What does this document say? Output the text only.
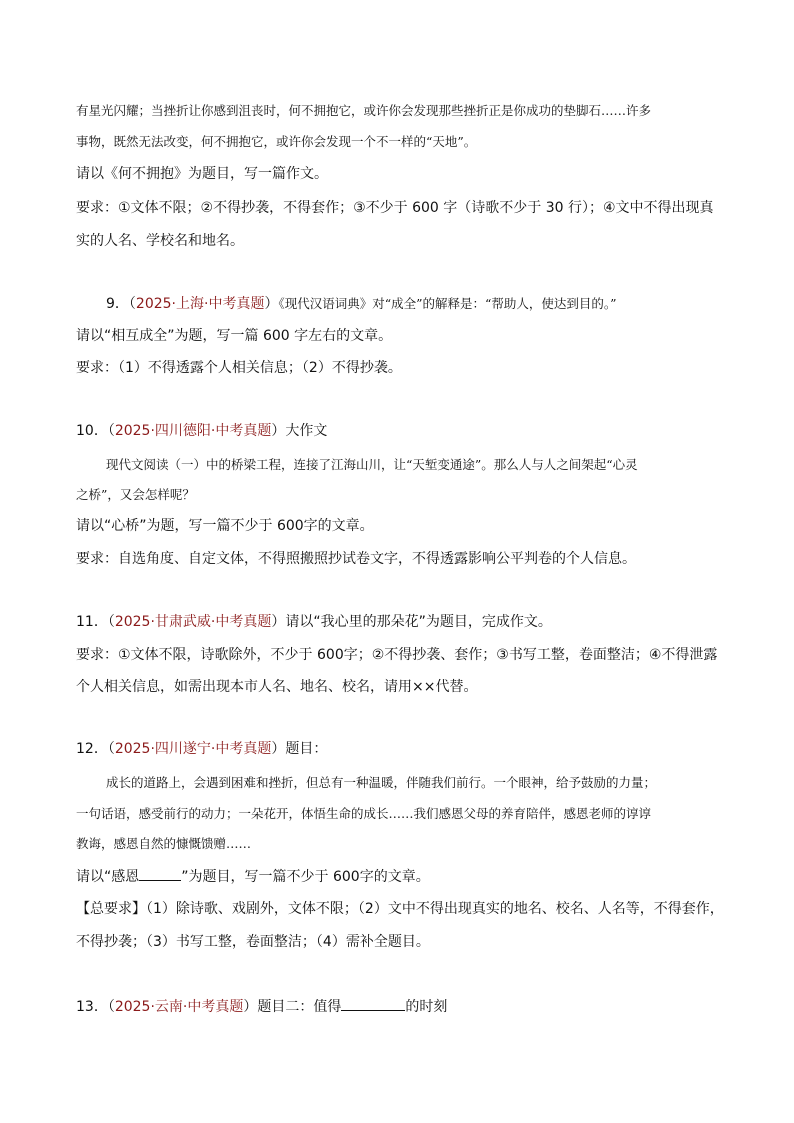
有星光闪耀；当挫折让你感到沮丧时，何不拥抱它，或许你会发现那些挫折正是你成功的垫脚石……许多
事物，既然无法改变，何不拥抱它，或许你会发现一个不一样的“天地”。
请以《何不拥抱》为题目，写一篇作文。
要求：①文体不限；②不得抄袭，不得套作；③不少于 600 字（诗歌不少于 30 行）；④文中不得出现真
实的人名、学校名和地名。
9．（2025·上海·中考真题）《现代汉语词典》对“成全”的解释是：“帮助人，使达到目的。”
请以“相互成全”为题，写一篇 600 字左右的文章。
要求：（1）不得透露个人相关信息；（2）不得抄袭。
10．（2025·四川德阳·中考真题）大作文
现代文阅读（一）中的桥梁工程，连接了江海山川，让“天堑变通途”。那么人与人之间架起“心灵
之桥”，又会怎样呢？
请以“心桥”为题，写一篇不少于 600字的文章。
要求：自选角度、自定文体，不得照搬照抄试卷文字，不得透露影响公平判卷的个人信息。
11．（2025·甘肃武威·中考真题）请以“我心里的那朵花”为题目，完成作文。
要求：①文体不限，诗歌除外，不少于 600字；②不得抄袭、套作；③书写工整，卷面整洁；④不得泄露
个人相关信息，如需出现本市人名、地名、校名，请用××代替。
12．（2025·四川遂宁·中考真题）题目：
成长的道路上，会遇到困难和挫折，但总有一种温暖，伴随我们前行。一个眼神，给予鼓励的力量；
一句话语，感受前行的动力；一朵花开，体悟生命的成长……我们感恩父母的养育陪伴，感恩老师的谆谆
教诲，感恩自然的慷慨馈赠……
请以“感恩	”为题目，写一篇不少于 600字的文章。
【总要求】（1）除诗歌、戏剧外，文体不限；（2）文中不得出现真实的地名、校名、人名等，不得套作，
不得抄袭；（3）书写工整，卷面整洁；（4）需补全题目。
13．（2025·云南·中考真题）题目二：值得	的时刻
